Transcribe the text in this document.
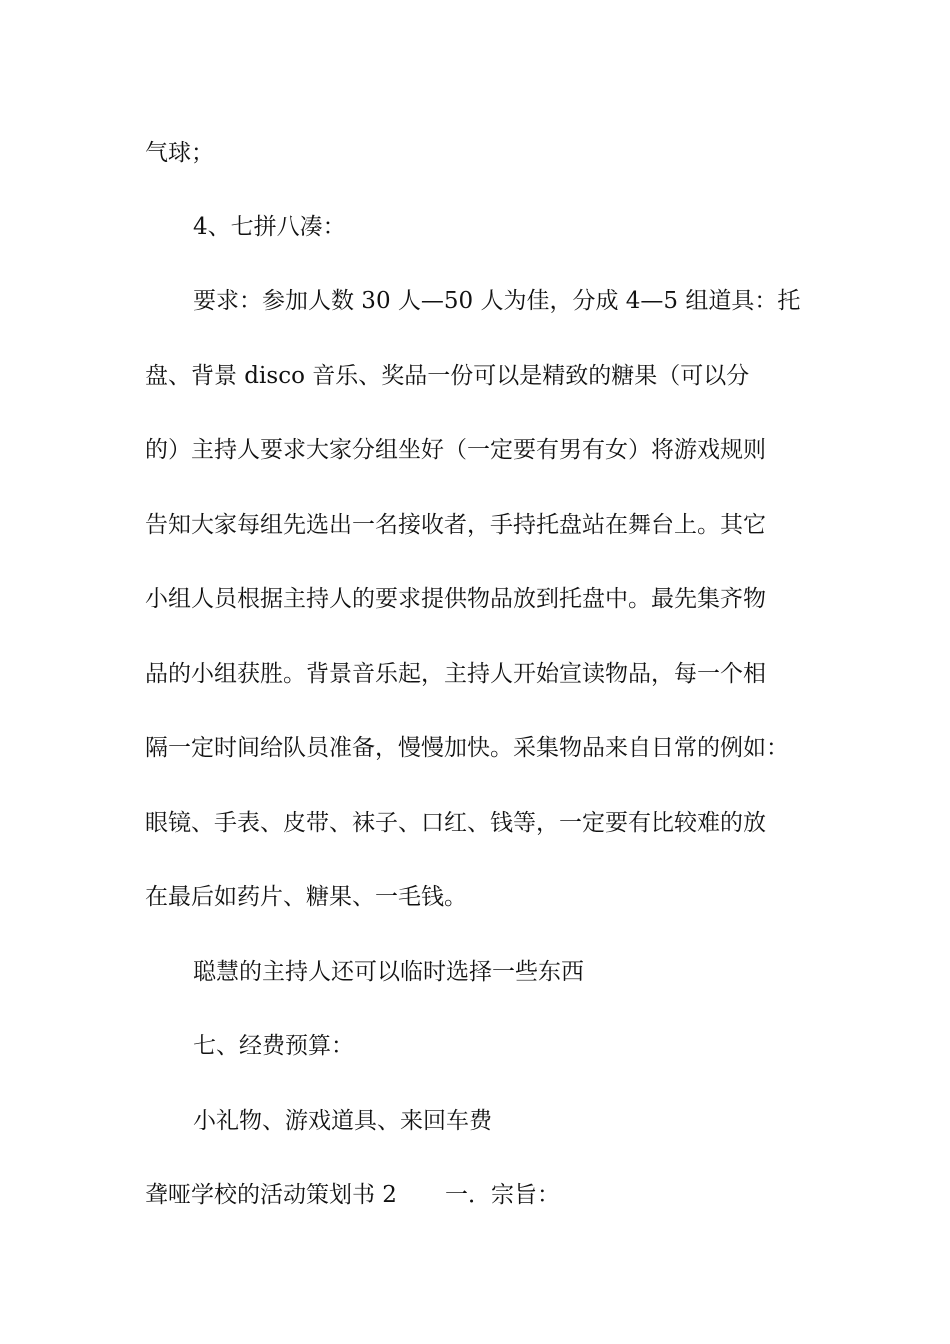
气球；
4、七拼八凑：
要求：参加人数 30 人—50 人为佳，分成 4—5 组道具：托
盘、背景 disco 音乐、奖品一份可以是精致的糖果（可以分
的）主持人要求大家分组坐好（一定要有男有女）将游戏规则
告知大家每组先选出一名接收者，手持托盘站在舞台上。其它
小组人员根据主持人的要求提供物品放到托盘中。最先集齐物
品的小组获胜。背景音乐起，主持人开始宣读物品，每一个相
隔一定时间给队员准备，慢慢加快。采集物品来自日常的例如：
眼镜、手表、皮带、袜子、口红、钱等，一定要有比较难的放
在最后如药片、糖果、一毛钱。
聪慧的主持人还可以临时选择一些东西
七、经费预算：
小礼物、游戏道具、来回车费
聋哑学校的活动策划书 2 一．宗旨：
